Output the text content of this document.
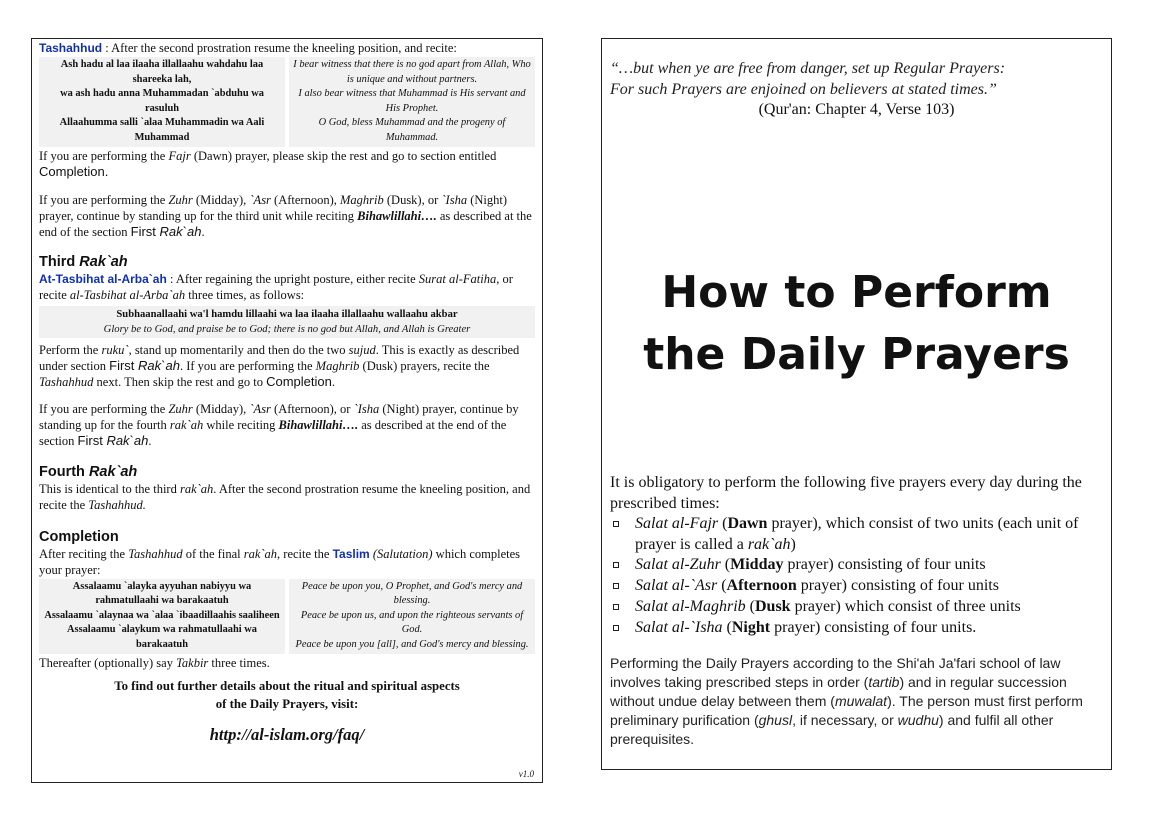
Tashahhud : After the second prostration resume the kneeling position, and recite:

Ash hadu al laa ilaaha illallaahu wahdahu laa shareeka lah,
wa ash hadu anna Muhammadan `abduhu wa rasuluh
Allaahumma salli `alaa Muhammadin wa Aali Muhammad
I bear witness that there is no god apart from Allah, Who is unique and without partners.
I also bear witness that Muhammad is His servant and His Prophet.
O God, bless Muhammad and the progeny of Muhammad.

If you are performing the Fajr (Dawn) prayer, please skip the rest and go to section entitled Completion.

If you are performing the Zuhr (Midday), `Asr (Afternoon), Maghrib (Dusk), or `Isha (Night) prayer, continue by standing up for the third unit while reciting Bihawlillahi…. as described at the end of the section First Rak`ah.

Third Rak`ah

At-Tasbihat al-Arba`ah : After regaining the upright posture, either recite Surat al-Fatiha, or recite al-Tasbihat al-Arba`ah three times, as follows:

Subhaanallaahi wa'l hamdu lillaahi wa laa ilaaha illallaahu wallaahu akbar
Glory be to God, and praise be to God; there is no god but Allah, and Allah is Greater

Perform the ruku`, stand up momentarily and then do the two sujud. This is exactly as described under section First Rak`ah. If you are performing the Maghrib (Dusk) prayers, recite the Tashahhud next. Then skip the rest and go to Completion.

If you are performing the Zuhr (Midday), `Asr (Afternoon), or `Isha (Night) prayer, continue by standing up for the fourth rak`ah while reciting Bihawlillahi…. as described at the end of the section First Rak`ah.

Fourth Rak`ah

This is identical to the third rak`ah. After the second prostration resume the kneeling position, and recite the Tashahhud.

Completion

After reciting the Tashahhud of the final rak`ah, recite the Taslim (Salutation) which completes your prayer:

Assalaamu `alayka ayyuhan nabiyyu wa rahmatullaahi wa barakaatuh
Assalaamu `alaynaa wa `alaa `ibaadillaahis saaliheen
Assalaamu `alaykum wa rahmatullaahi wa barakaatuh
Peace be upon you, O Prophet, and God's mercy and blessing.
Peace be upon us, and upon the righteous servants of God.
Peace be upon you [all], and God's mercy and blessing.

Thereafter (optionally) say Takbir three times.

To find out further details about the ritual and spiritual aspects
of the Daily Prayers, visit:
http://al-islam.org/faq/
v1.0
“…but when ye are free from danger, set up Regular Prayers:
For such Prayers are enjoined on believers at stated times.”
(Qur'an: Chapter 4, Verse 103)
How to Perform
the Daily Prayers
It is obligatory to perform the following five prayers every day during the prescribed times:
Salat al-Fajr (Dawn prayer), which consist of two units (each unit of prayer is called a rak`ah)
Salat al-Zuhr (Midday prayer) consisting of four units
Salat al-`Asr (Afternoon prayer) consisting of four units
Salat al-Maghrib (Dusk prayer) which consist of three units
Salat al-`Isha (Night prayer) consisting of four units.
Performing the Daily Prayers according to the Shi'ah Ja'fari school of law involves taking prescribed steps in order (tartib) and in regular succession without undue delay between them (muwalat). The person must first perform preliminary purification (ghusl, if necessary, or wudhu) and fulfil all other prerequisites.
